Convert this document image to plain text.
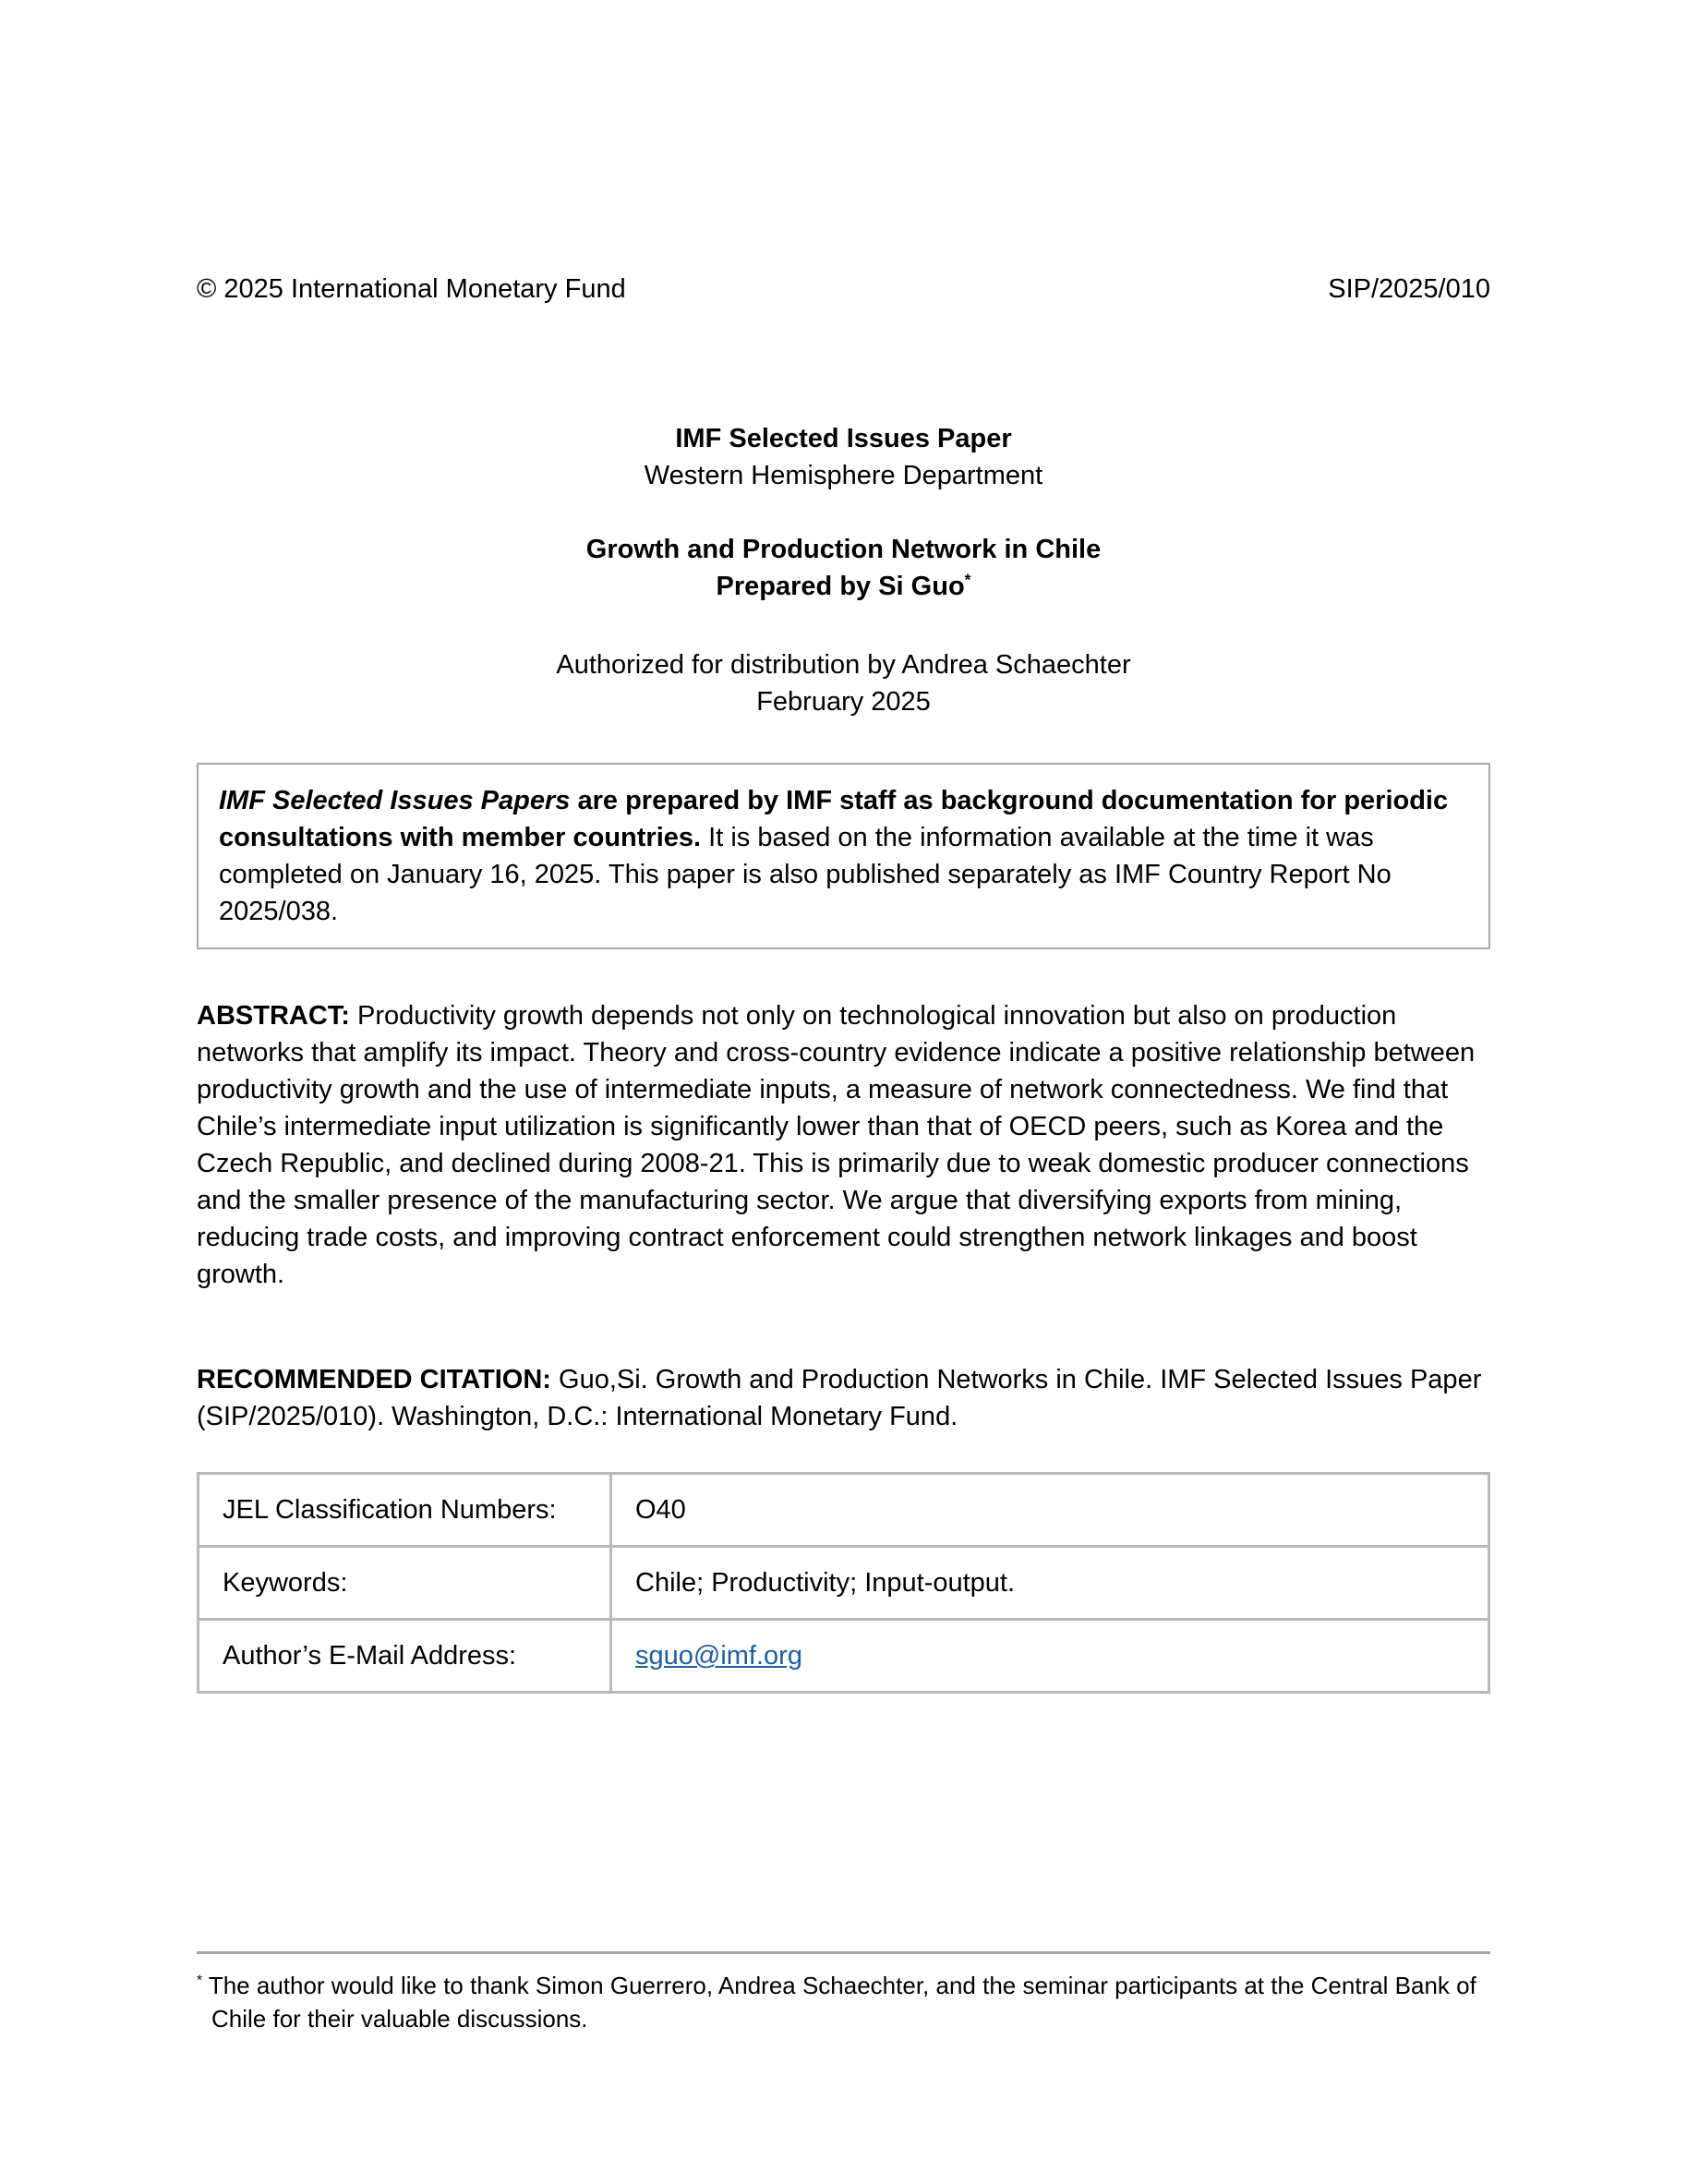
© 2025 International Monetary Fund	SIP/2025/010
IMF Selected Issues Paper
Western Hemisphere Department
Growth and Production Network in Chile
Prepared by Si Guo*
Authorized for distribution by Andrea Schaechter
February 2025
IMF Selected Issues Papers are prepared by IMF staff as background documentation for periodic consultations with member countries. It is based on the information available at the time it was completed on January 16, 2025. This paper is also published separately as IMF Country Report No 2025/038.

ABSTRACT: Productivity growth depends not only on technological innovation but also on production networks that amplify its impact. Theory and cross-country evidence indicate a positive relationship between productivity growth and the use of intermediate inputs, a measure of network connectedness. We find that Chile’s intermediate input utilization is significantly lower than that of OECD peers, such as Korea and the Czech Republic, and declined during 2008-21. This is primarily due to weak domestic producer connections and the smaller presence of the manufacturing sector. We argue that diversifying exports from mining, reducing trade costs, and improving contract enforcement could strengthen network linkages and boost growth.

RECOMMENDED CITATION: Guo,Si. Growth and Production Networks in Chile. IMF Selected Issues Paper (SIP/2025/010). Washington, D.C.: International Monetary Fund.

JEL Classification Numbers:	O40
Keywords:	Chile; Productivity; Input-output.
Author’s E-Mail Address:	sguo@imf.org

* The author would like to thank Simon Guerrero, Andrea Schaechter, and the seminar participants at the Central Bank of Chile for their valuable discussions.
